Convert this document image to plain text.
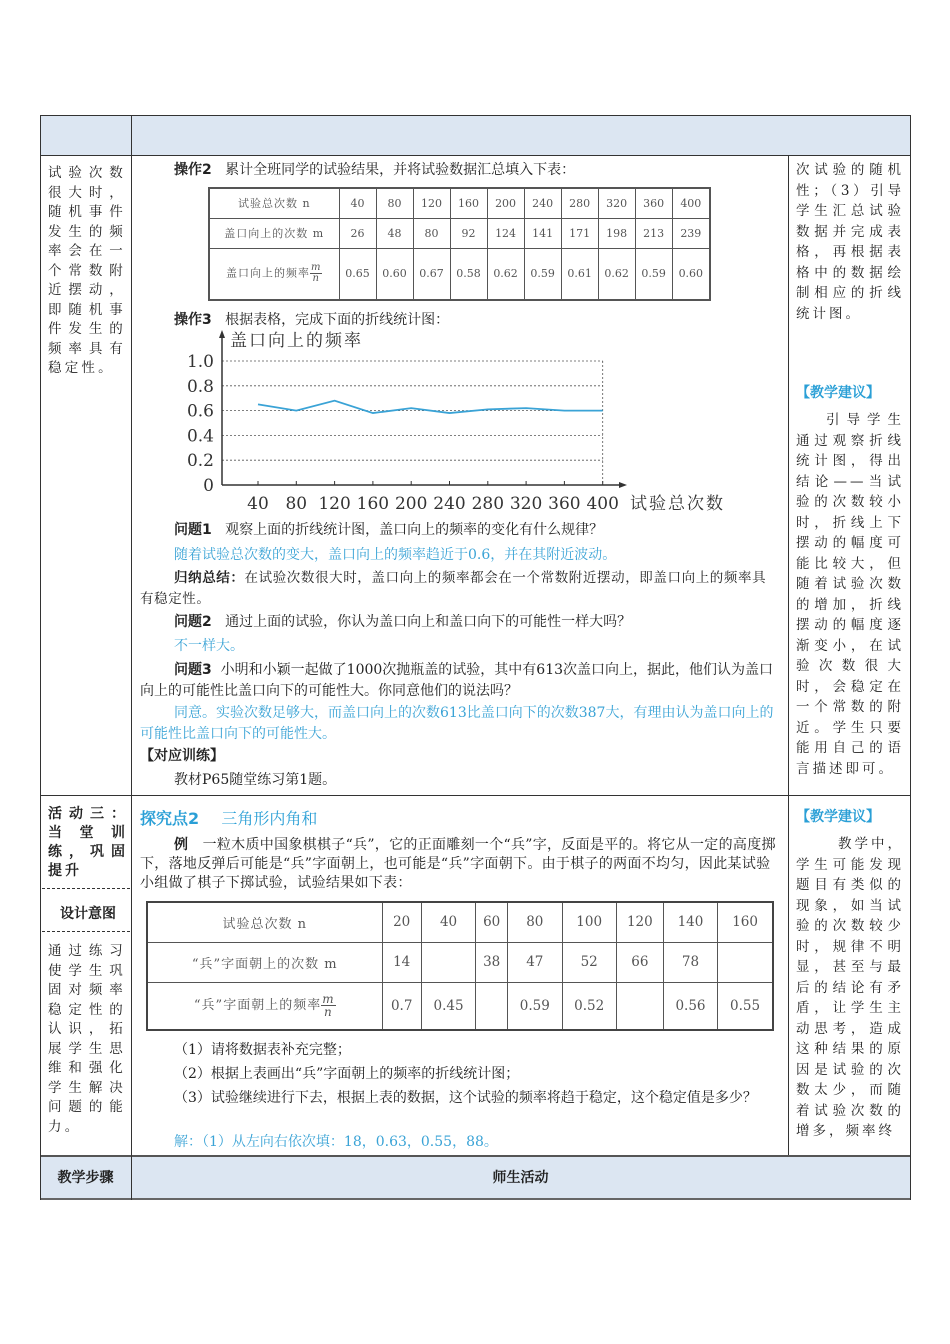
试验次数很大时，随机事件发生的频率会在一个常数附近摆动，即随机事件发生的频率具有稳定性。
操作2 累计全班同学的试验结果，并将试验数据汇总填入下表：
试验总次数 n	40	80	120	160	200	240	280	320	360	400
盖口向上的次数 m	26	48	80	92	124	141	171	198	213	239
盖口向上的频率 $\frac{m}{n}$	0.65	0.60	0.67	0.58	0.62	0.59	0.61	0.62	0.59	0.60
操作3 根据表格，完成下面的折线统计图：
0
0.2
0.4
0.6
0.8
1.0
40 80 120 160 200 240 280 320 360 400
盖口向上的频率
试验总次数
问题1 观察上面的折线统计图，盖口向上的频率的变化有什么规律？
随着试验总次数的变大，盖口向上的频率趋近于0.6，并在其附近波动。
归纳总结：在试验次数很大时，盖口向上的频率都会在一个常数附近摆动，即盖口向上的频率具有稳定性。
问题2 通过上面的试验，你认为盖口向上和盖口向下的可能性一样大吗？
不一样大。
问题3 小明和小颖一起做了1000次抛瓶盖的试验，其中有613次盖口向上，据此，他们认为盖口向上的可能性比盖口向下的可能性大。你同意他们的说法吗？
同意。实验次数足够大，而盖口向上的次数613比盖口向下的次数387大，有理由认为盖口向上的可能性比盖口向下的可能性大。
【对应训练】
教材P65随堂练习第1题。
次试验的随机性；（3）引导学生汇总试验数据并完成表格，再根据表格中的数据绘制相应的折线统计图。
【教学建议】
引导学生通过观察折线统计图，得出结论——当试验的次数较小时，折线上下摆动的幅度可能比较大，但随着试验次数的增加，折线摆动的幅度逐渐变小，在试验次数很大时，会稳定在一个常数的附近。学生只要能用自己的语言描述即可。
活动三：当堂训练，巩固提升
设计意图
通过练习使学生巩固对频率稳定性的认识，拓展学生思维和强化学生解决问题的能力。
探究点2 三角形内角和
例 一粒木质中国象棋棋子“兵”，它的正面雕刻一个“兵”字，反面是平的。将它从一定的高度掷下，落地反弹后可能是“兵”字面朝上，也可能是“兵”字面朝下。由于棋子的两面不均匀，因此某试验小组做了棋子下掷试验，试验结果如下表：
试验总次数 n	20	40	60	80	100	120	140	160
“兵”字面朝上的次数 m	14		38	47	52	66	78	
“兵”字面朝上的频率 $\frac{m}{n}$	0.7	0.45		0.59	0.52		0.56	0.55
（1）请将数据表补充完整；
（2）根据上表画出“兵”字面朝上的频率的折线统计图；
（3）试验继续进行下去，根据上表的数据，这个试验的频率将趋于稳定，这个稳定值是多少？
解：（1）从左向右依次填：18，0.63，0.55，88。
【教学建议】
教学中，学生可能发现题目有类似的现象，如当试验的次数较少时，规律不明显，甚至与最后的结论有矛盾，让学生主动思考，造成这种结果的原因是试验的次数太少，而随着试验次数的增多，频率终
教学步骤	师生活动
